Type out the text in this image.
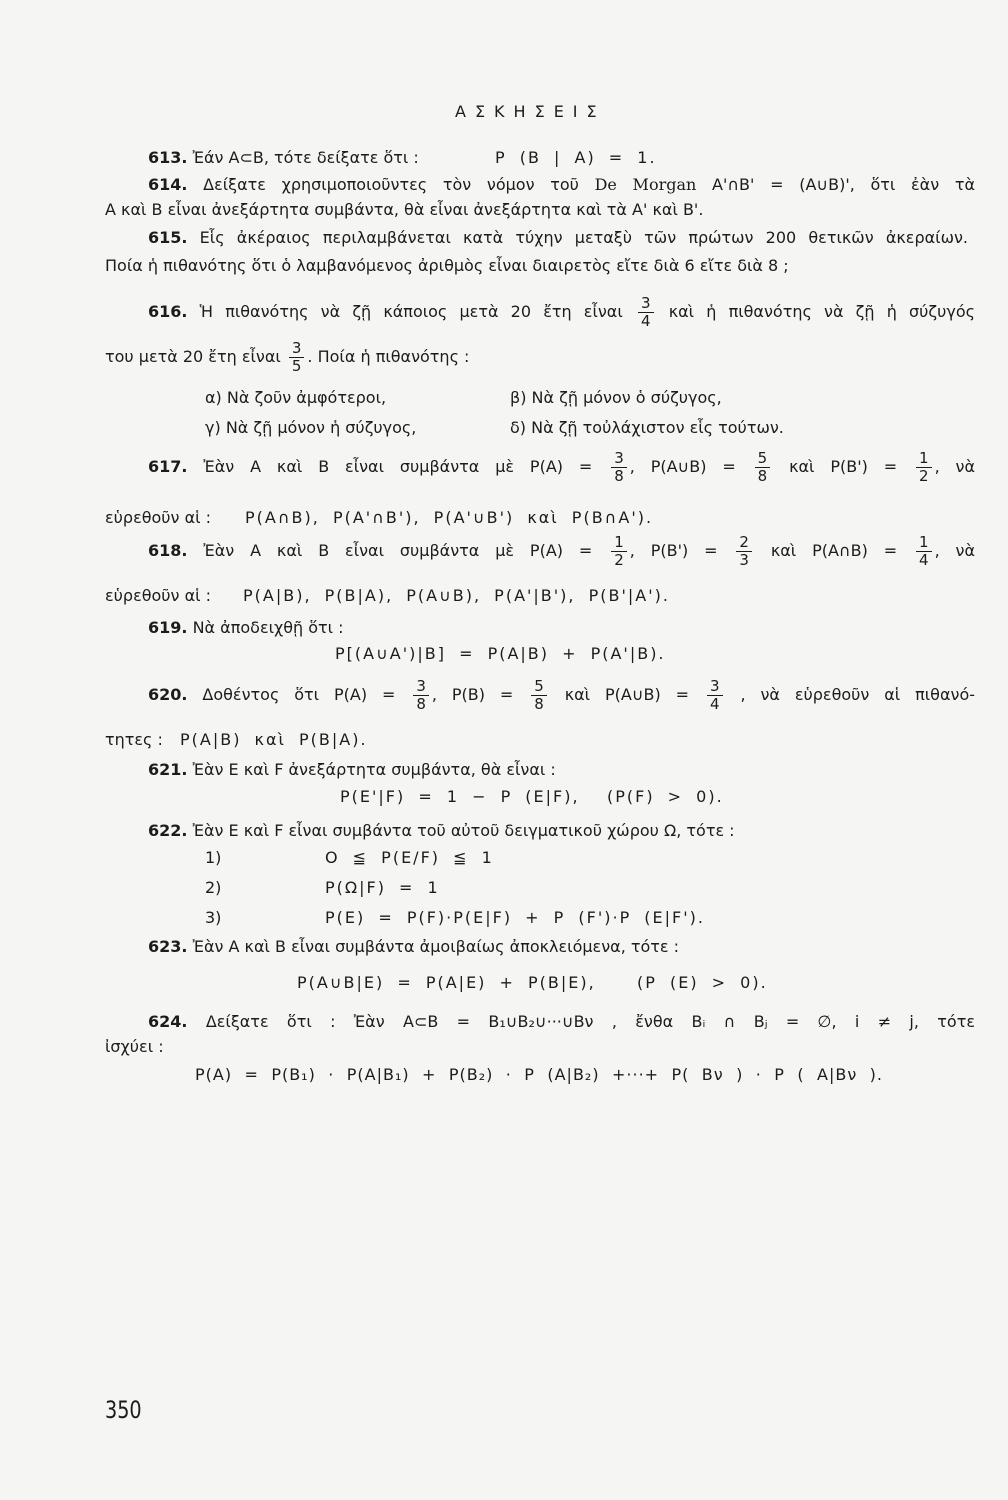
ΑΣΚΗΣΕΙΣ
613. Ἐάν A⊂B, τότε δείξατε ὅτι :	P (B | A) = 1.
614. Δείξατε χρησιμοποιοῦντες τὸν νόμον τοῦ De Morgan A'∩B' = (A∪B)', ὅτι ἐὰν τὰ
A καὶ B εἶναι ἀνεξάρτητα συμβάντα, θὰ εἶναι ἀνεξάρτητα καὶ τὰ A' καὶ B'.
615. Εἷς ἀκέραιος περιλαμβάνεται κατὰ τύχην μεταξὺ τῶν πρώτων 200 θετικῶν ἀκεραίων.
Ποία ἡ πιθανότης ὅτι ὁ λαμβανόμενος ἀριθμὸς εἶναι διαιρετὸς εἴτε διὰ 6 εἴτε διὰ 8 ;
616. Ἡ πιθανότης νὰ ζῇ κάποιος μετὰ 20 ἔτη εἶναι $\frac{3}{4}$ καὶ ἡ πιθανότης νὰ ζῇ ἡ σύζυγός
του μετὰ 20 ἔτη εἶναι $\frac{3}{5}$ . Ποία ἡ πιθανότης :
α) Νὰ ζοῦν ἀμφότεροι,	β) Νὰ ζῇ μόνον ὁ σύζυγος,
γ) Νὰ ζῇ μόνον ἡ σύζυγος,	δ) Νὰ ζῇ τοὐλάχιστον εἷς τούτων.
617. Ἐὰν A καὶ B εἶναι συμβάντα μὲ $P(A) = \frac{3}{8}$ , P(A∪B) = $\frac{5}{8}$ καὶ $P(B') = \frac{1}{2}$ , νὰ
εὑρεθοῦν αἱ : P(A∩B), P(A'∩B'), P(A'∪B') καὶ P(B∩A').
618. Ἐὰν A καὶ B εἶναι συμβάντα μὲ $P(A) = \frac{1}{2}$ , $P(B') = \frac{2}{3}$ καὶ P(A∩B) = $\frac{1}{4}$ , νὰ
εὑρεθοῦν αἱ : P(A|B), P(B|A), P(A∪B), P(A'|B'), P(B'|A').
619. Νὰ ἀποδειχθῇ ὅτι :
P[(A∪A')|B] = P(A|B) + P(A'|B).
620. Δοθέντος ὅτι $P(A) = \frac{3}{8}$ , $P(B) = \frac{5}{8}$ καὶ P(A∪B) = $\frac{3}{4}$ , νὰ εὑρεθοῦν αἱ πιθανό-
τητες : P(A|B) καὶ P(B|A).
621. Ἐὰν E καὶ F ἀνεξάρτητα συμβάντα, θὰ εἶναι :
P(E'|F) = 1 − P (E|F), (P(F) > 0).
622. Ἐὰν E καὶ F εἶναι συμβάντα τοῦ αὐτοῦ δειγματικοῦ χώρου Ω, τότε :
1)	O ≦ P(E/F) ≦ 1
2)	P(Ω|F) = 1
3)	P(E) = P(F)·P(E|F) + P (F')·P (E|F').
623. Ἐὰν A καὶ B εἶναι συμβάντα ἀμοιβαίως ἀποκλειόμενα, τότε :
P(A∪B|E) = P(A|E) + P(B|E),	(P (E) > 0).
624. Δείξατε ὅτι : Ἐὰν A⊂B = B₁∪B₂∪···∪Bν , ἔνθα Bᵢ ∩ Bⱼ = ∅, i ≠ j, τότε
ἰσχύει :
P(A) = P(B₁) · P(A|B₁) + P(B₂) · P (A|B₂) +···+ P( Bν ) · P ( A|Bν ).
350
